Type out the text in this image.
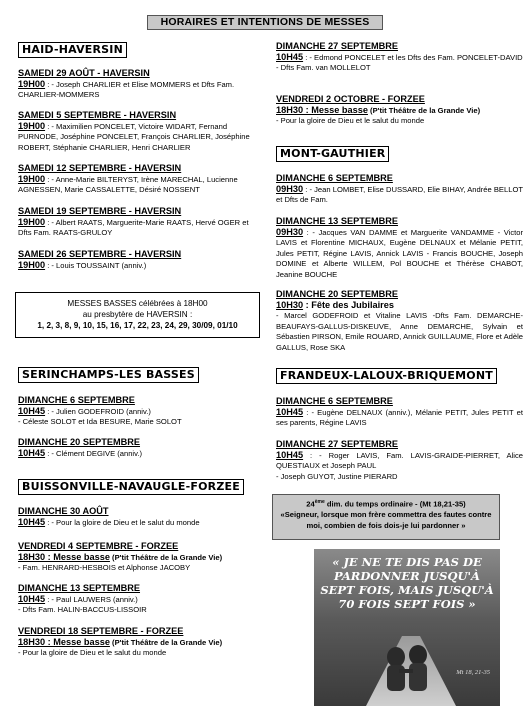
HORAIRES ET INTENTIONS DE MESSES
HAID-HAVERSIN
SAMEDI 29 AOÛT - HAVERSIN
19H00 : - Joseph CHARLIER et Elise MOMMERS et Dfts Fam. CHARLIER-MOMMERS
SAMEDI 5 SEPTEMBRE - HAVERSIN
19H00 : - Maximilien PONCELET, Victoire WIDART, Fernand PURNODE, Joséphine PONCELET, François CHARLIER, Joséphine ROBERT, Stéphanie CHARLIER, Henri CHARLIER
SAMEDI 12 SEPTEMBRE - HAVERSIN
19H00 : - Anne-Marie BILTERYST, Irène MARECHAL, Lucienne AGNESSEN, Marie CASSALETTE, Désiré NOSSENT
SAMEDI 19 SEPTEMBRE - HAVERSIN
19H00 : - Albert RAATS, Marguerite-Marie RAATS, Hervé OGER et Dfts Fam. RAATS-GRULOY
SAMEDI 26 SEPTEMBRE - HAVERSIN
19H00 : - Louis TOUSSAINT (anniv.)
MESSES BASSES célébrées à 18H00
au presbytère de HAVERSIN :
1, 2, 3, 8, 9, 10, 15, 16, 17, 22, 23, 24, 29, 30/09, 01/10
SERINCHAMPS-LES BASSES
DIMANCHE 6 SEPTEMBRE
10H45 : - Julien GODEFROID (anniv.)
- Céleste SOLOT et Ida BESURE, Marie SOLOT
DIMANCHE 20 SEPTEMBRE
10H45 : - Clément DEGIVE (anniv.)
BUISSONVILLE-NAVAUGLE-FORZEE
DIMANCHE 30 AOÛT
10H45 : - Pour la gloire de Dieu et le salut du monde
VENDREDI 4 SEPTEMBRE - FORZEE
18H30 : Messe basse (P'tit Théâtre de la Grande Vie)
- Fam. HENRARD-HESBOIS et Alphonse JACOBY
DIMANCHE 13 SEPTEMBRE
10H45 : - Paul LAUWERS (anniv.)
- Dfts Fam. HALIN-BACCUS-LISSOIR
VENDREDI 18 SEPTEMBRE - FORZEE
18H30 : Messe basse (P'tit Théâtre de la Grande Vie)
- Pour la gloire de Dieu et le salut du monde
DIMANCHE 27 SEPTEMBRE
10H45 : - Edmond PONCELET et les Dfts des Fam. PONCELET-DAVID
- Dfts Fam. van MOLLELOT
VENDREDI 2 OCTOBRE - FORZEE
18H30 : Messe basse (P'tit Théâtre de la Grande Vie)
- Pour la gloire de Dieu et le salut du monde
MONT-GAUTHIER
DIMANCHE 6 SEPTEMBRE
09H30 : - Jean LOMBET, Elise DUSSARD, Elie BIHAY, Andrée BELLOT et Dfts de Fam.
DIMANCHE 13 SEPTEMBRE
09H30 : - Jacques VAN DAMME et Marguerite VANDAMME - Victor LAVIS et Florentine MICHAUX, Eugène DELNAUX et Mélanie PETIT, Jules PETIT, Régine LAVIS, Annick LAVIS - Francis BOUCHE, Joseph DOMINE et Alberte WILLEM, Pol BOUCHE et Thérèse CHABOT, Jeanine BOUCHE
DIMANCHE 20 SEPTEMBRE
10H30 : Fête des Jubilaires
- Marcel GODEFROID et Vitaline LAVIS -Dfts Fam. DEMARCHE-BEAUFAYS-GALLUS-DISKEUVE, Anne DEMARCHE, Sylvain et Sébastien PIRSON, Emile ROUARD, Annick GUILLAUME, Flore et Adèle GALLUS, Rose SKA
FRANDEUX-LALOUX-BRIQUEMONT
DIMANCHE 6 SEPTEMBRE
10H45 : - Eugène DELNAUX (anniv.), Mélanie PETIT, Jules PETIT et ses parents, Régine LAVIS
DIMANCHE 27 SEPTEMBRE
10H45 : - Roger LAVIS, Fam. LAVIS-GRAIDE-PIERRET, Alice QUESTIAUX et Joseph PAUL
- Joseph GUYOT, Justine PIERARD
24ème dim. du temps ordinaire - (Mt 18,21-35)
«Seigneur, lorsque mon frère commettra des fautes contre moi, combien de fois dois-je lui pardonner »
« JE NE TE DIS PAS DE PARDONNER JUSQU'À SEPT FOIS, MAIS JUSQU'À 70 FOIS SEPT FOIS »
Mt 18, 21-35
